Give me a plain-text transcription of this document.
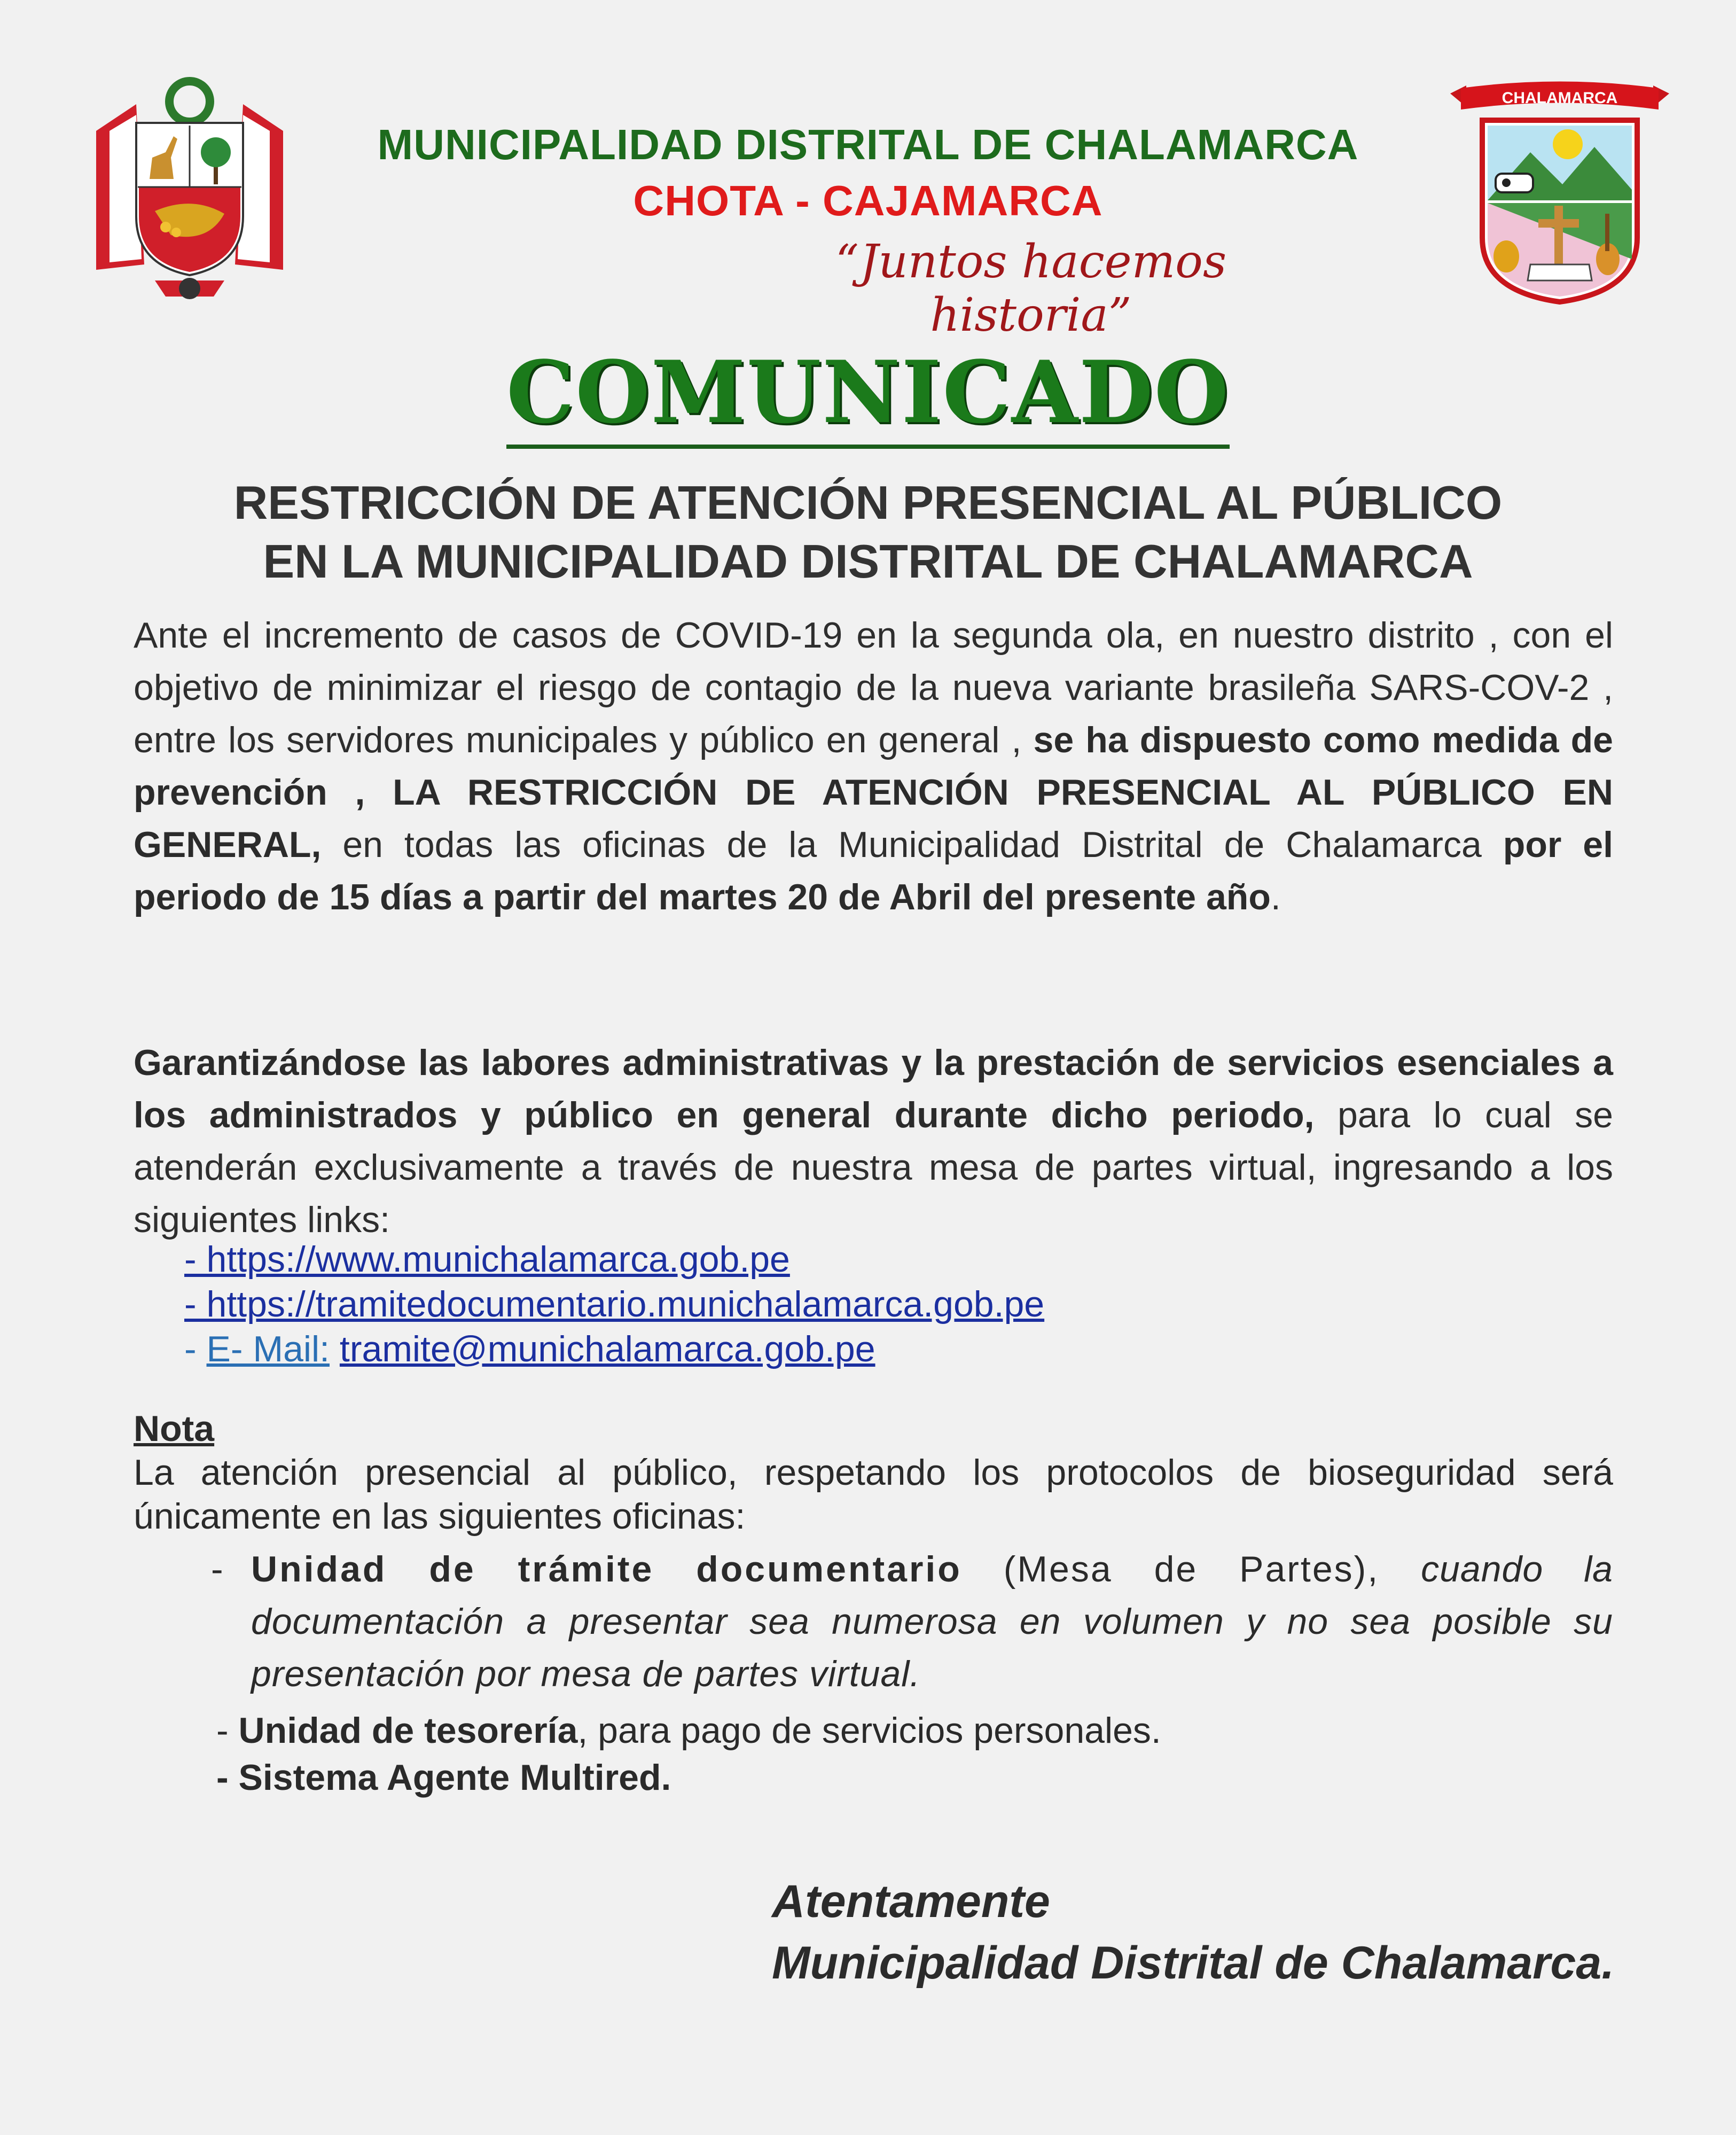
CHALAMARCA
MUNICIPALIDAD DISTRITAL DE CHALAMARCA
CHOTA - CAJAMARCA
“Juntos hacemos historia”
COMUNICADO
RESTRICCIÓN DE ATENCIÓN PRESENCIAL AL PÚBLICO
EN LA MUNICIPALIDAD DISTRITAL DE CHALAMARCA
Ante el incremento de casos de COVID-19 en la segunda ola, en nuestro distrito , con el objetivo de minimizar el riesgo de contagio de la nueva variante brasileña SARS-COV-2 , entre los servidores municipales y público en general , se ha dispuesto como medida de prevención , LA RESTRICCIÓN DE ATENCIÓN PRESENCIAL AL PÚBLICO EN GENERAL, en todas las oficinas de la Municipalidad Distrital de Chalamarca por el periodo de 15 días a partir del martes 20 de Abril del presente año.
Garantizándose las labores administrativas y la prestación de servicios esenciales a los administrados y público en general durante dicho periodo, para lo cual se atenderán exclusivamente a través de nuestra mesa de partes virtual, ingresando a los siguientes links:
- https://www.munichalamarca.gob.pe
- https://tramitedocumentario.munichalamarca.gob.pe
- E- Mail: tramite@munichalamarca.gob.pe
Nota
La atención presencial al público, respetando los protocolos de bioseguridad será únicamente en las siguientes oficinas:
- Unidad de trámite documentario (Mesa de Partes), cuando la documentación a presentar sea numerosa en volumen y no sea posible su presentación por mesa de partes virtual.
- Unidad de tesorería, para pago de servicios personales.
- Sistema Agente Multired.
Atentamente
Municipalidad Distrital de Chalamarca.
